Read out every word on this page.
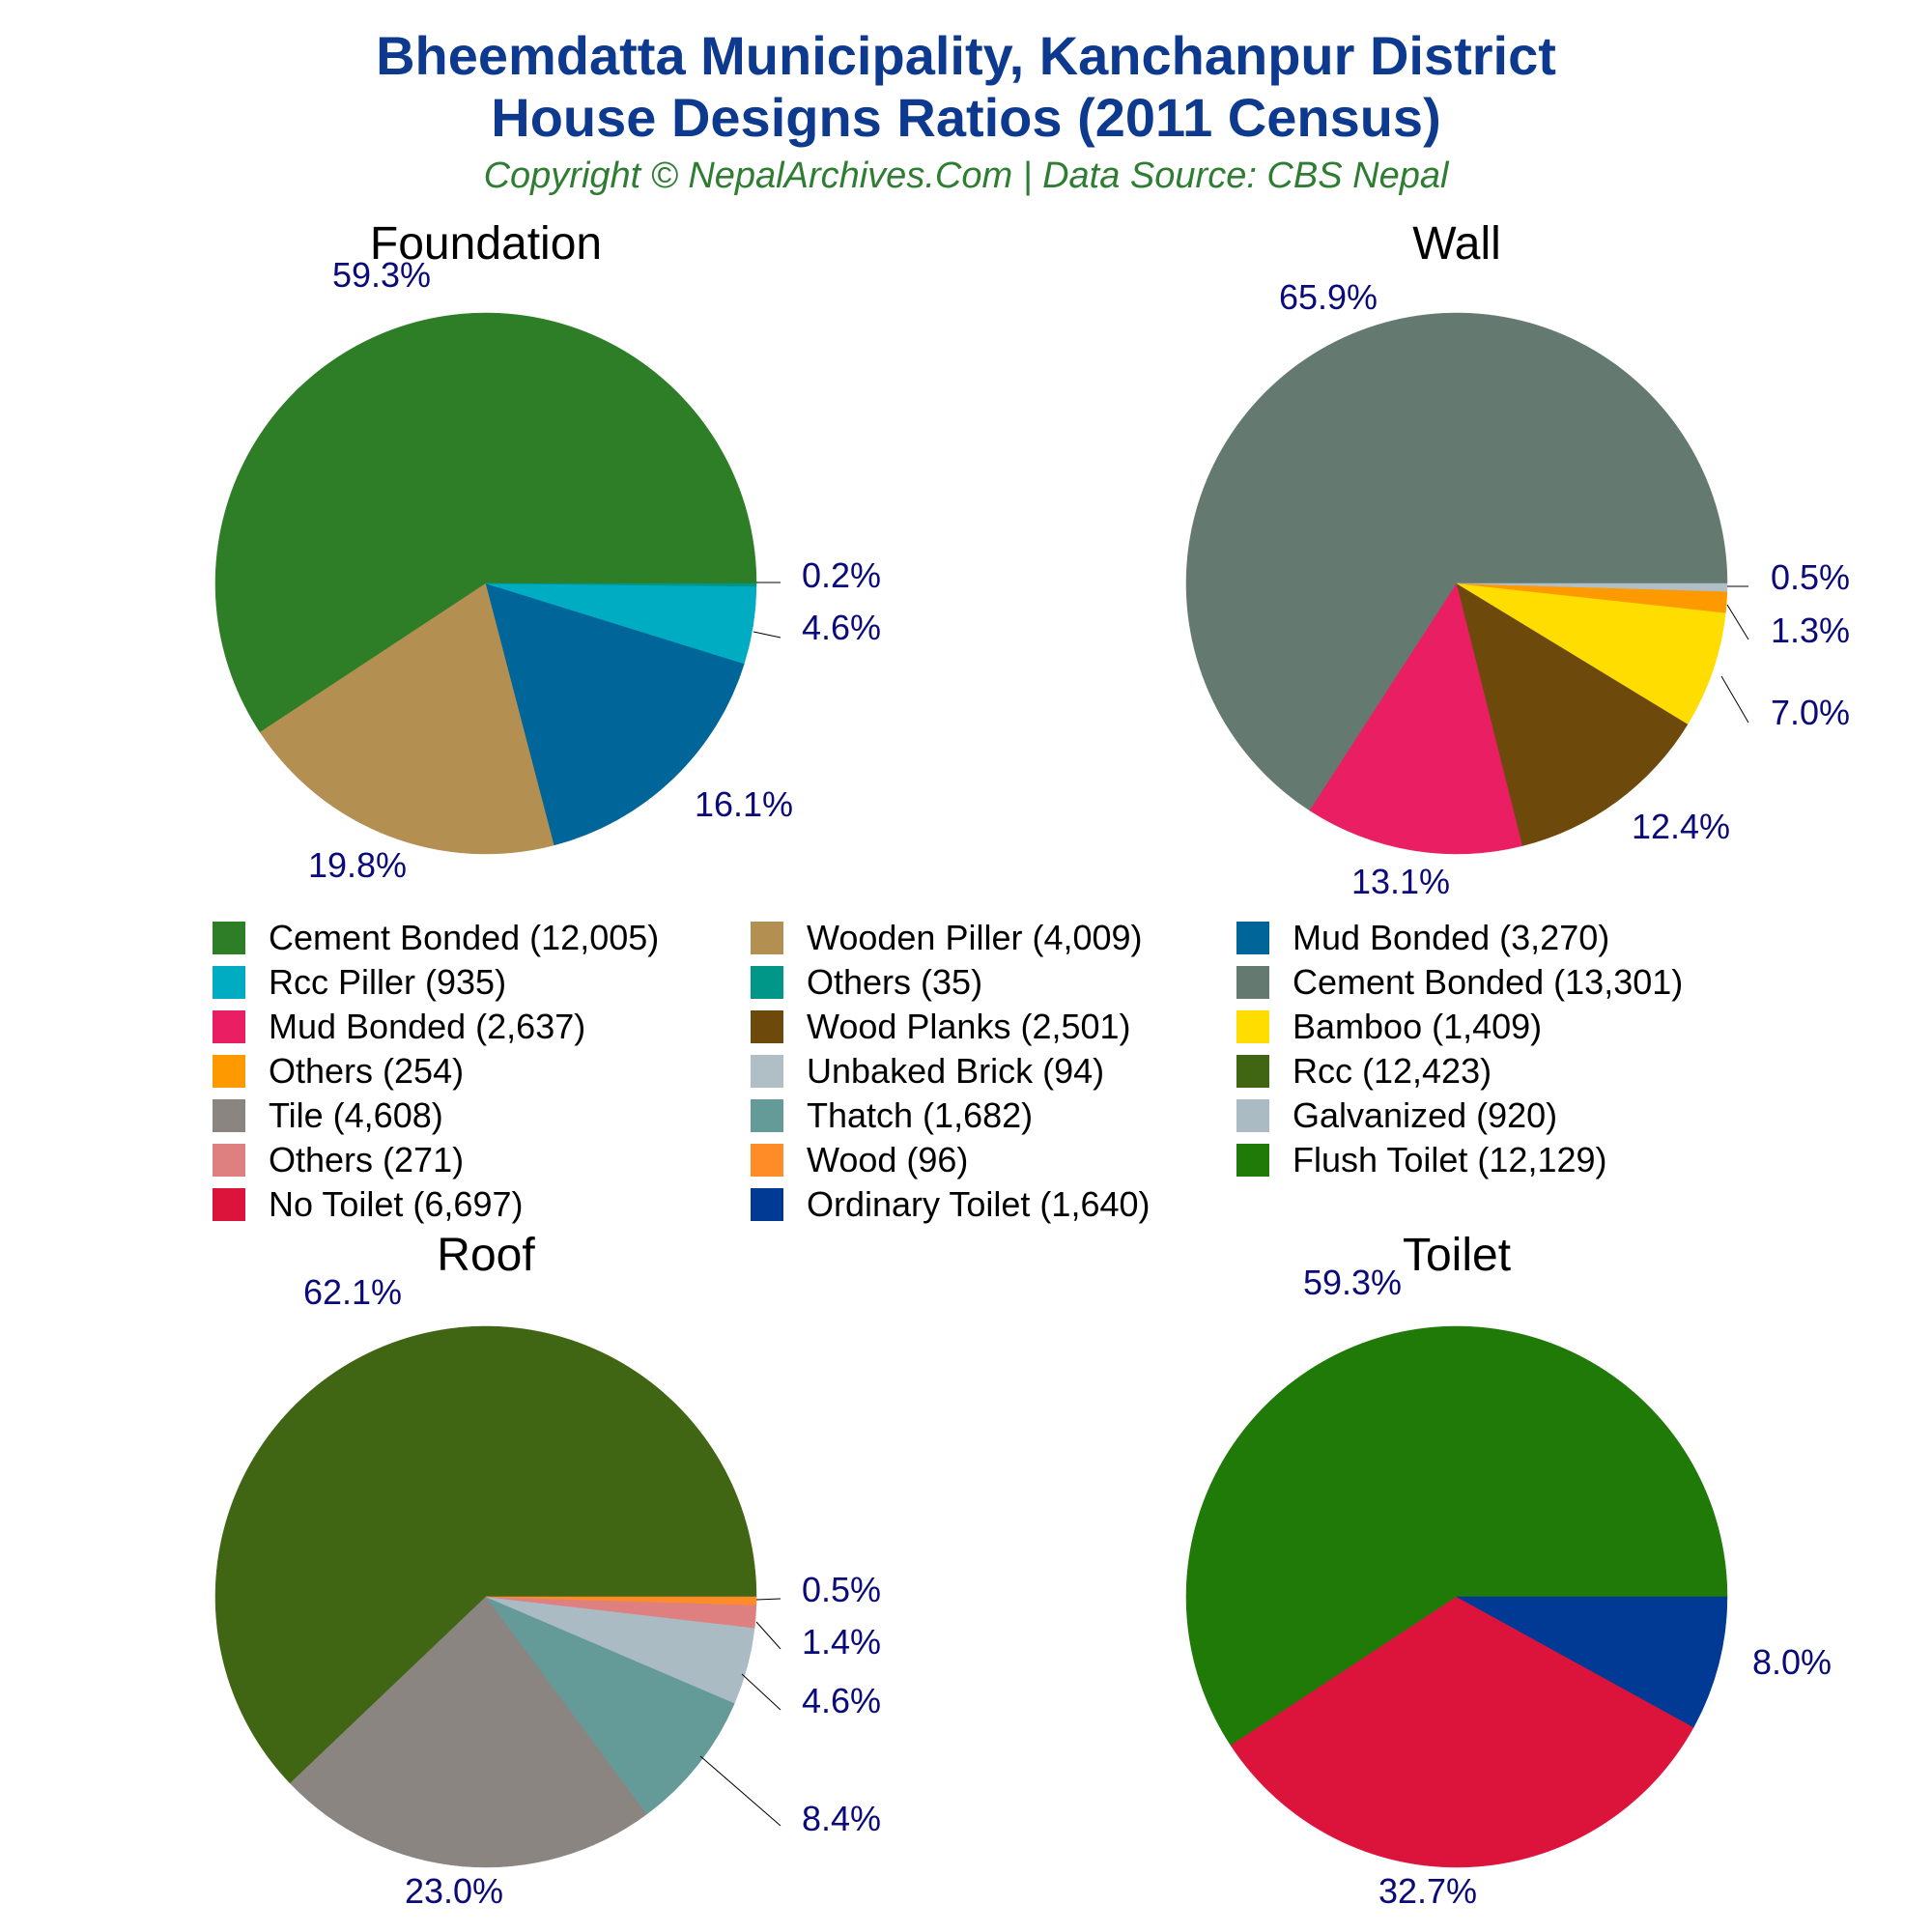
Bheemdatta Municipality, Kanchanpur District
House Designs Ratios (2011 Census)
Copyright © NepalArchives.Com | Data Source: CBS Nepal
Foundation
59.3%
19.8%
16.1%
4.6%
0.2%
Wall
65.9%
13.1%
12.4%
7.0%
1.3%
0.5%
Roof
62.1%
23.0%
8.4%
4.6%
1.4%
0.5%
Toilet
59.3%
32.7%
8.0%
Cement Bonded (12,005)	Wooden Piller (4,009)	Mud Bonded (3,270)
Rcc Piller (935)	Others (35)	Cement Bonded (13,301)
Mud Bonded (2,637)	Wood Planks (2,501)	Bamboo (1,409)
Others (254)	Unbaked Brick (94)	Rcc (12,423)
Tile (4,608)	Thatch (1,682)	Galvanized (920)
Others (271)	Wood (96)	Flush Toilet (12,129)
No Toilet (6,697)	Ordinary Toilet (1,640)
